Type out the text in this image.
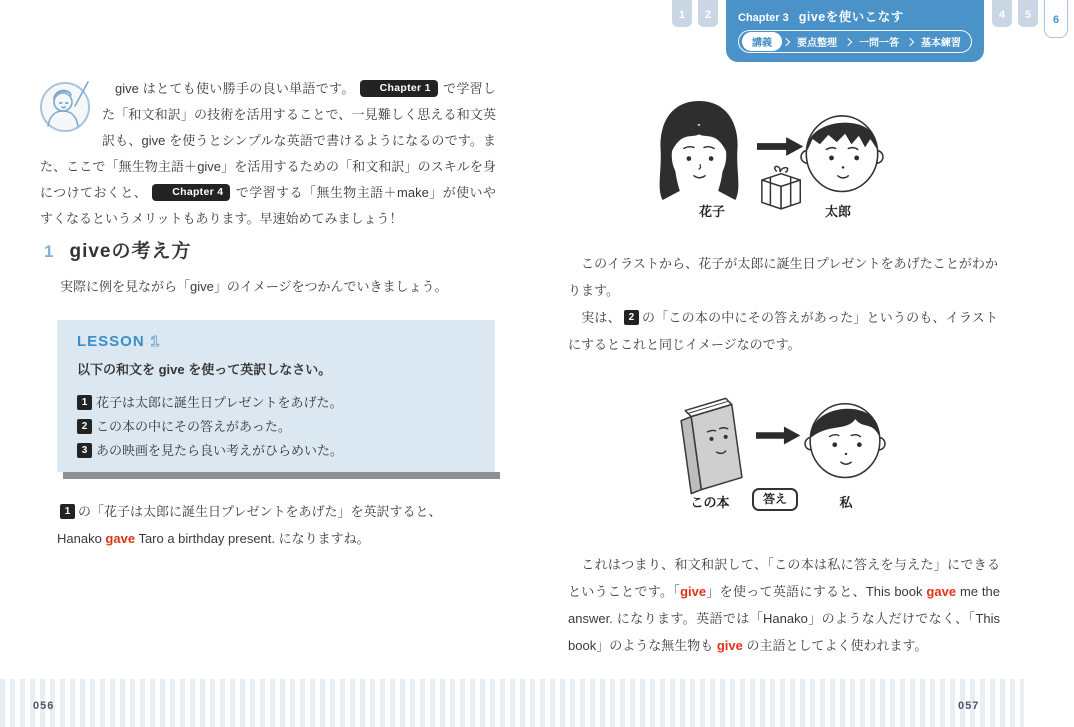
1	2	Chapter 3 giveを使いこなす
講義	要点整理	一問一答	基本練習
4	5	6

give はとても使い勝手の良い単語です。 Chapter 1 で学習した「和文和訳」の技術を活用することで、一見難しく思える和文英訳も、give を使うとシンプルな英語で書けるようになるのです。また、ここで「無生物主語＋give」を活用するための「和文和訳」のスキルを身につけておくと、 Chapter 4 で学習する「無生物主語＋make」が使いやすくなるというメリットもあります。早速始めてみましょう！

1 giveの考え方
実際に例を見ながら「give」のイメージをつかんでいきましょう。
LESSON 1
以下の和文を give を使って英訳しなさい。
1 花子は太郎に誕生日プレゼントをあげた。
2 この本の中にその答えがあった。
3 あの映画を見たら良い考えがひらめいた。
1 の「花子は太郎に誕生日プレゼントをあげた」を英訳すると、
Hanako gave Taro a birthday present. になりますね。
花子	太郎

　このイラストから、花子が太郎に誕生日プレゼントをあげたことがわかります。
　実は、 2 の「この本の中にその答えがあった」というのも、イラストにするとこれと同じイメージなのです。

この本	答え	私

　これはつまり、和文和訳して、「この本は私に答えを与えた」にできるということです。「give」を使って英語にすると、This book gave me the answer. になります。英語では「Hanako」のような人だけでなく、「This book」のような無生物も give の主語としてよく使われます。

056	057
